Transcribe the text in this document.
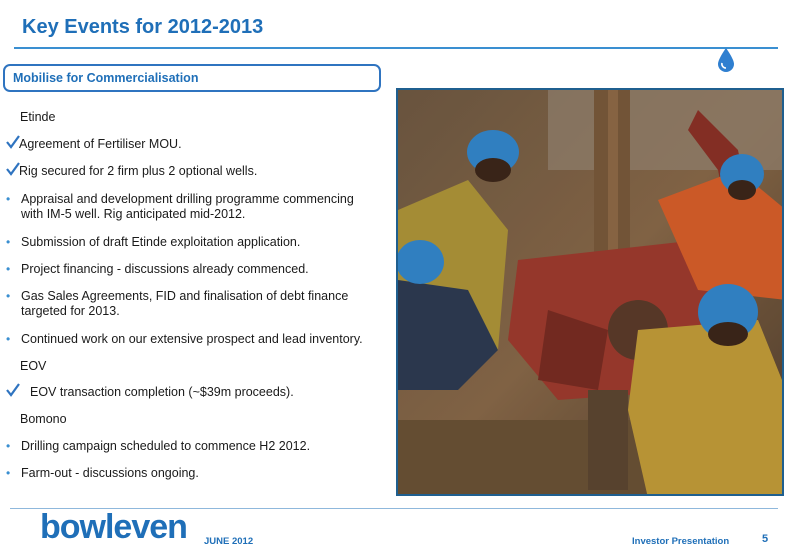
Key Events for 2012-2013
Mobilise for Commercialisation
Etinde
Agreement of Fertiliser MOU.
Rig secured for 2 firm plus 2 optional wells.
• Appraisal and development drilling programme commencing with IM-5 well. Rig anticipated mid-2012.
• Submission of draft Etinde exploitation application.
• Project financing - discussions already commenced.
• Gas Sales Agreements, FID and finalisation of debt finance targeted for 2013.
• Continued work on our extensive prospect and lead inventory.
EOV
EOV transaction completion (~$39m proceeds).
Bomono
• Drilling campaign scheduled to commence H2 2012.
• Farm-out - discussions ongoing.
bowleven JUNE 2012	Investor Presentation	5
